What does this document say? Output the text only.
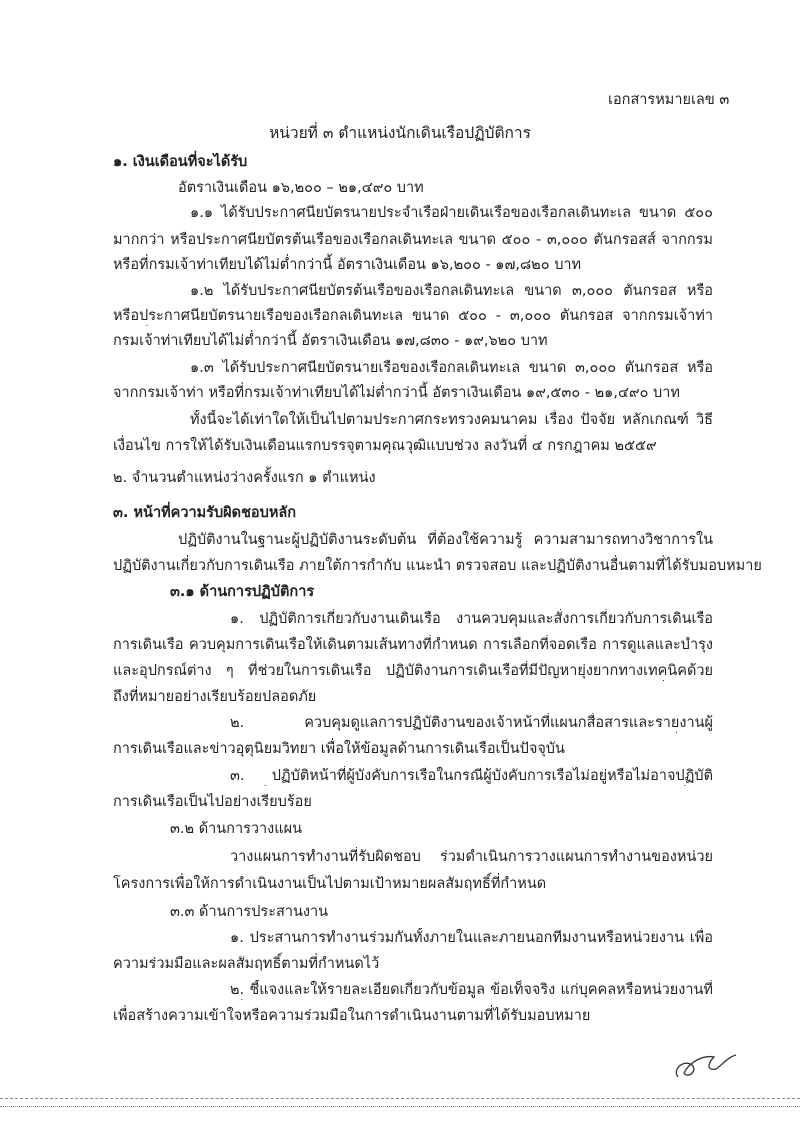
เอกสารหมายเลข ๓
หน่วยที่ ๓ ตำแหน่งนักเดินเรือปฏิบัติการ
๑. เงินเดือนที่จะได้รับ
อัตราเงินเดือน ๑๖,๒๐๐ – ๒๑,๔๙๐ บาท
๑.๑ ได้รับประกาศนียบัตรนายประจำเรือฝ่ายเดินเรือของเรือกลเดินทะเล ขนาด ๕๐๐
มากกว่า หรือประกาศนียบัตรต้นเรือของเรือกลเดินทะเล ขนาด ๕๐๐ - ๓,๐๐๐ ตันกรอสส์ จากกรม
หรือที่กรมเจ้าท่าเทียบได้ไม่ต่ำกว่านี้ อัตราเงินเดือน ๑๖,๒๐๐ - ๑๗,๘๒๐ บาท
๑.๒ ได้รับประกาศนียบัตรต้นเรือของเรือกลเดินทะเล ขนาด ๓,๐๐๐ ตันกรอส หรือ
หรือประกาศนียบัตรนายเรือของเรือกลเดินทะเล ขนาด ๕๐๐ - ๓,๐๐๐ ตันกรอส จากกรมเจ้าท่า
กรมเจ้าท่าเทียบได้ไม่ต่ำกว่านี้ อัตราเงินเดือน ๑๗,๘๓๐ - ๑๙,๖๒๐ บาท
๑.๓ ได้รับประกาศนียบัตรนายเรือของเรือกลเดินทะเล ขนาด ๓,๐๐๐ ตันกรอส หรือ
จากกรมเจ้าท่า หรือที่กรมเจ้าท่าเทียบได้ไม่ต่ำกว่านี้ อัตราเงินเดือน ๑๙,๕๓๐ - ๒๑,๔๙๐ บาท
ทั้งนี้จะได้เท่าใดให้เป็นไปตามประกาศกระทรวงคมนาคม เรื่อง ปัจจัย หลักเกณฑ์ วิธี
เงื่อนไข การให้ได้รับเงินเดือนแรกบรรจุตามคุณวุฒิแบบช่วง ลงวันที่ ๔ กรกฎาคม ๒๕๕๙
๒. จำนวนตำแหน่งว่างครั้งแรก ๑ ตำแหน่ง
๓. หน้าที่ความรับผิดชอบหลัก
ปฏิบัติงานในฐานะผู้ปฏิบัติงานระดับต้น ที่ต้องใช้ความรู้ ความสามารถทางวิชาการใน
ปฏิบัติงานเกี่ยวกับการเดินเรือ ภายใต้การกำกับ แนะนำ ตรวจสอบ และปฏิบัติงานอื่นตามที่ได้รับมอบหมาย
๓.๑ ด้านการปฏิบัติการ
๑. ปฏิบัติการเกี่ยวกับงานเดินเรือ งานควบคุมและสั่งการเกี่ยวกับการเดินเรือ
การเดินเรือ ควบคุมการเดินเรือให้เดินตามเส้นทางที่กำหนด การเลือกที่จอดเรือ การดูแลและบำรุง
และอุปกรณ์ต่าง ๆ ที่ช่วยในการเดินเรือ ปฏิบัติงานการเดินเรือที่มีปัญหายุ่งยากทางเทคนิคด้วย
ถึงที่หมายอย่างเรียบร้อยปลอดภัย
๒. ควบคุมดูแลการปฏิบัติงานของเจ้าหน้าที่แผนกสื่อสารและรายงานผู้
การเดินเรือและข่าวอุตุนิยมวิทยา เพื่อให้ข้อมูลด้านการเดินเรือเป็นปัจจุบัน
๓. ปฏิบัติหน้าที่ผู้บังคับการเรือในกรณีผู้บังคับการเรือไม่อยู่หรือไม่อาจปฏิบัติ
การเดินเรือเป็นไปอย่างเรียบร้อย
๓.๒ ด้านการวางแผน
วางแผนการทำงานที่รับผิดชอบ ร่วมดำเนินการวางแผนการทำงานของหน่วย
โครงการเพื่อให้การดำเนินงานเป็นไปตามเป้าหมายผลสัมฤทธิ์ที่กำหนด
๓.๓ ด้านการประสานงาน
๑. ประสานการทำงานร่วมกันทั้งภายในและภายนอกทีมงานหรือหน่วยงาน เพื่อ
ความร่วมมือและผลสัมฤทธิ์ตามที่กำหนดไว้
๒. ชี้แจงและให้รายละเอียดเกี่ยวกับข้อมูล ข้อเท็จจริง แก่บุคคลหรือหน่วยงานที่
เพื่อสร้างความเข้าใจหรือความร่วมมือในการดำเนินงานตามที่ได้รับมอบหมาย
